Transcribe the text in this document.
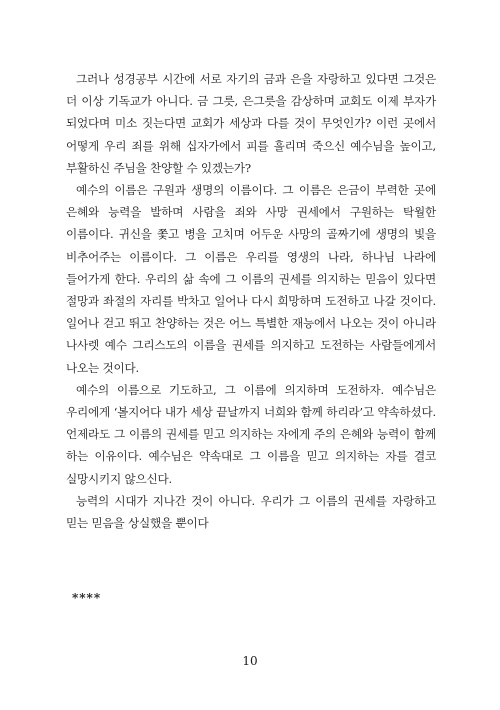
그러나 성경공부 시간에 서로 자기의 금과 은을 자랑하고 있다면 그것은 더 이상 기독교가 아니다. 금 그릇, 은그릇을 감상하며 교회도 이제 부자가 되었다며 미소 짓는다면 교회가 세상과 다를 것이 무엇인가? 이런 곳에서 어떻게 우리 죄를 위해 십자가에서 피를 흘리며 죽으신 예수님을 높이고, 부활하신 주님을 찬양할 수 있겠는가?

예수의 이름은 구원과 생명의 이름이다. 그 이름은 은금이 부력한 곳에 은혜와 능력을 발하며 사람을 죄와 사망 권세에서 구원하는 탁월한 이름이다. 귀신을 쫓고 병을 고치며 어두운 사망의 골짜기에 생명의 빛을 비추어주는 이름이다. 그 이름은 우리를 영생의 나라, 하나님 나라에 들어가게 한다. 우리의 삶 속에 그 이름의 권세를 의지하는 믿음이 있다면 절망과 좌절의 자리를 박차고 일어나 다시 희망하며 도전하고 나갈 것이다. 일어나 걷고 뛰고 찬양하는 것은 어느 특별한 재능에서 나오는 것이 아니라 나사렛 예수 그리스도의 이름을 권세를 의지하고 도전하는 사람들에게서 나오는 것이다.

예수의 이름으로 기도하고, 그 이름에 의지하며 도전하자. 예수님은 우리에게 ‘볼지어다 내가 세상 끝날까지 너희와 함께 하리라’고 약속하셨다. 언제라도 그 이름의 권세를 믿고 의지하는 자에게 주의 은혜와 능력이 함께 하는 이유이다. 예수님은 약속대로 그 이름을 믿고 의지하는 자를 결코 실망시키지 않으신다.

능력의 시대가 지나간 것이 아니다. 우리가 그 이름의 권세를 자랑하고 믿는 믿음을 상실했을 뿐이다

****
10
